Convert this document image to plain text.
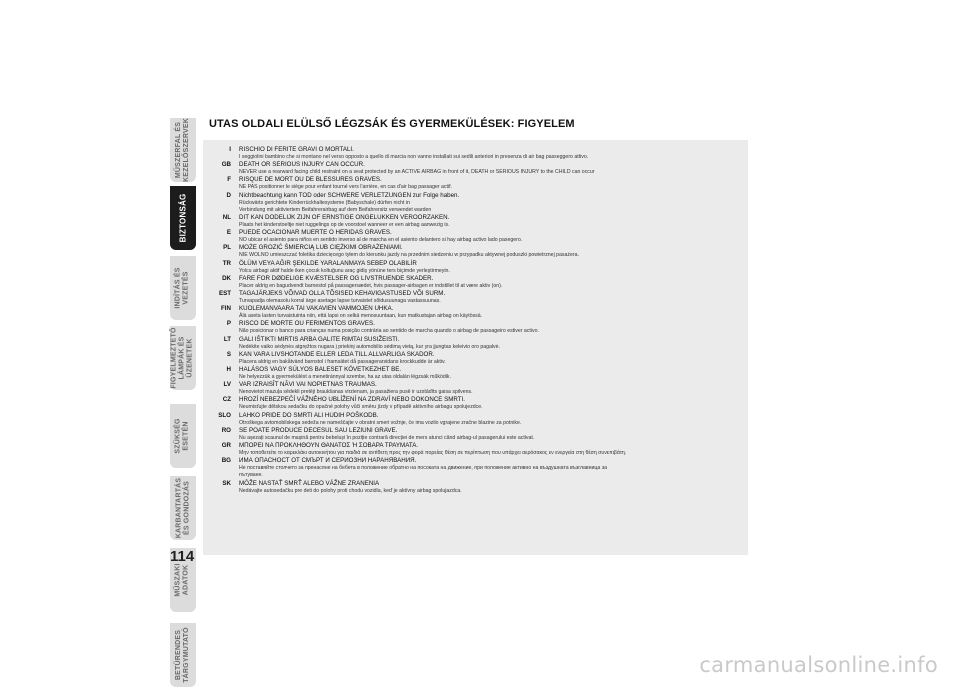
MŰSZERFAL ÉS
KEZELŐSZERVEK
BIZTONSÁG
INDÍTÁS ÉS
VEZETÉS
FIGYELMEZTETŐ
LÁMPÁK ÉS
ÜZENETEK
SZÜKSÉG
ESETÉN
KARBANTARTÁS
ÉS GONDOZÁS
MŰSZAKI
ADATOK
BETŰRENDES
TÁRGYMUTATÓ
114
UTAS OLDALI ELÜLSŐ LÉGZSÁK ÉS GYERMEKÜLÉSEK: FIGYELEM
I	RISCHIO DI FERITE GRAVI O MORTALI.
I seggiolini bambino che si montano nel verso opposto a quello di marcia non vanno installati sui sedili anteriori in presenza di air bag passeggero attivo.
GB	DEATH OR SERIOUS INJURY CAN OCCUR.
NEVER use a rearward facing child restraint on a seat protected by an ACTIVE AIRBAG in front of it, DEATH or SERIOUS INJURY to the CHILD can occur
F	RISQUE DE MORT OU DE BLESSURES GRAVES.
NE PAS positionner le siège pour enfant tourné vers l'arrière, en cas d'air bag passager actif.
D	Nichtbeachtung kann TOD oder SCHWERE VERLETZUNGEN zur Folge haben.
Rückwärts gerichtete Kinderrückhaltesysteme (Babyschale) dürfen nicht in
Verbindung mit aktiviertem Beifahrerairbag auf dem Beifahrersitz verwendet warden
NL	DIT KAN DODELIJK ZIJN OF ERNSTIGE ONGELUKKEN VEROORZAKEN.
Plaats het kinderstoeltje niet ruggelings op de voorstoel wanneer er een airbag aanwezig is.
E	PUEDE OCACIONAR MUERTE O HERIDAS GRAVES.
NO ubicar el asiento para niños en sentido inverso al de marcha en el asiento delantero si hay airbag activo lado pasegero.
PL	MOŻE GROZIĆ ŚMIERCIĄ LUB CIĘŻKIMI OBRAŻENIAMI.
NIE WOLNO umieszczać foletika dziecięcego tyłem do kierunku jazdy na przednim siedzeniu w przypadku aktywnej poduszki powietrznej pasażera.
TR	ÖLÜM VEYA AĞIR ŞEKILDE YARALANMAYA SEBEP OLABILİR
Yolcu airbagi aktif halde iken çocuk koltuğunu araç gidiş yönüne ters biçimde yerleştirmeyin.
DK	FARE FOR DØDELIGE KVÆSTELSER OG LIVSTRUENDE SKADER.
Placer aldrig en bagudvendt barnestol på passagersædet, hvis passager-airbagen er indstillet til at være aktiv (on).
EST	TAGAJÄRJEKS VÕIVAD OLLA TÕSISED KEHAVIGASTUSED VÕI SURM.
Turvapadja olemasolu korral ärge asetage lapse turvaistet sõidusuunaga vastassuunas.
FIN	KUOLEMANVAARA TAI VAKAVIEN VAMMOJEN UHKA.
Älä aseta lasten turvaistuinta niin, että lapsi on selkä menosuuntaan, kun matkustajan airbag on käytössä.
P	RISCO DE MORTE OU FERIMENTOS GRAVES.
Não posicionar o banco para crianças numa posição contrária ao sentido de marcha quando o airbag de passageiro estiver activo.
LT	GALI IŠTIKTI MIRTIS ARBA GALITE RIMTAI SUSIŽEISTI.
Nedėkite vaiko sėdynės atgręžtos nugara į priekinį automobilio sėdimą vietą, kur yra įjungtas keleivio oro pagalvė.
S	KAN VARA LIVSHOTANDE ELLER LEDA TILL ALLVARLIGA SKADOR.
Placera aldrig en bakåtvänd barnstol i framsätet då passagerarsidans krockkudde är aktiv.
H	HALÁSOS VAGY SÚLYOS BALESET KÖVETKEZHET BE.
Ne helyezzük a gyermekülést a menetiránnyal szembe, ha az utas oldalán légzsák működik.
LV	VAR IZRAISĪT NĀVI VAI NOPIETNAS TRAUMAS.
Nenovietot mazuļa sēdekli pretēji braukšanas virzienam, ja pasažiera pusē ir uzstādīts gaisa spilvens.
CZ	HROZÍ NEBEZPEČÍ VÁŽNÉHO UBLÍŽENÍ NA ZDRAVÍ NEBO DOKONCE SMRTI.
Neumisťujte dětskou sedačku do opačné polohy vůči směru jízdy v případě aktivního airbagu spolujezdce.
SLO	LAHKO PRIDE DO SMRTI ALI HUDIH POŠKODB.
Otroškega avtomobilskega sedeža ne nameščajte v obratni smeri vožnje, če ima vozilo vgrajene zračne blazine za potnike.
RO	SE POATE PRODUCE DECESUL SAU LEZIUNI GRAVE.
Nu așezați scaunul de mașină pentru bebeluși în poziție contrară direcției de mers atunci când airbag-ul pasagerului este activat.
GR	ΜΠΟΡΕΙ ΝΑ ΠΡΟΚΛΗΘΟΥΝ ΘΑΝΑΤΟΣ Ή ΣΟΒΑΡΑ ΤΡΑΥΜΑΤΑ.
Μην τοποθετείτε το καρεκλάκι αυτοκινήτου για παιδιά σε αντίθετη προς την φορά πορείας θέση σε περίπτωση που υπάρχει αερόσακος εν ενεργεία στη θέση συνεπιβάτη.
BG	ИМА ОПАСНОСТ ОТ СМЪРТ И СЕРИОЗНИ НАРАНЯВАНИЯ.
Не поставяйте столчето за пренасяне на бебета в положение обратно на посоката на движение, при положение активно на въздушната възглавница за
пътуване.
SK	MÔŽE NASTAŤ SMRŤ ALEBO VÁŽNE ZRANENIA
Nedávajte autosedačku pre deti do polohy proti chodu vozidla, keď je aktívny airbag spolujazdca.
carmanualsonline.info
